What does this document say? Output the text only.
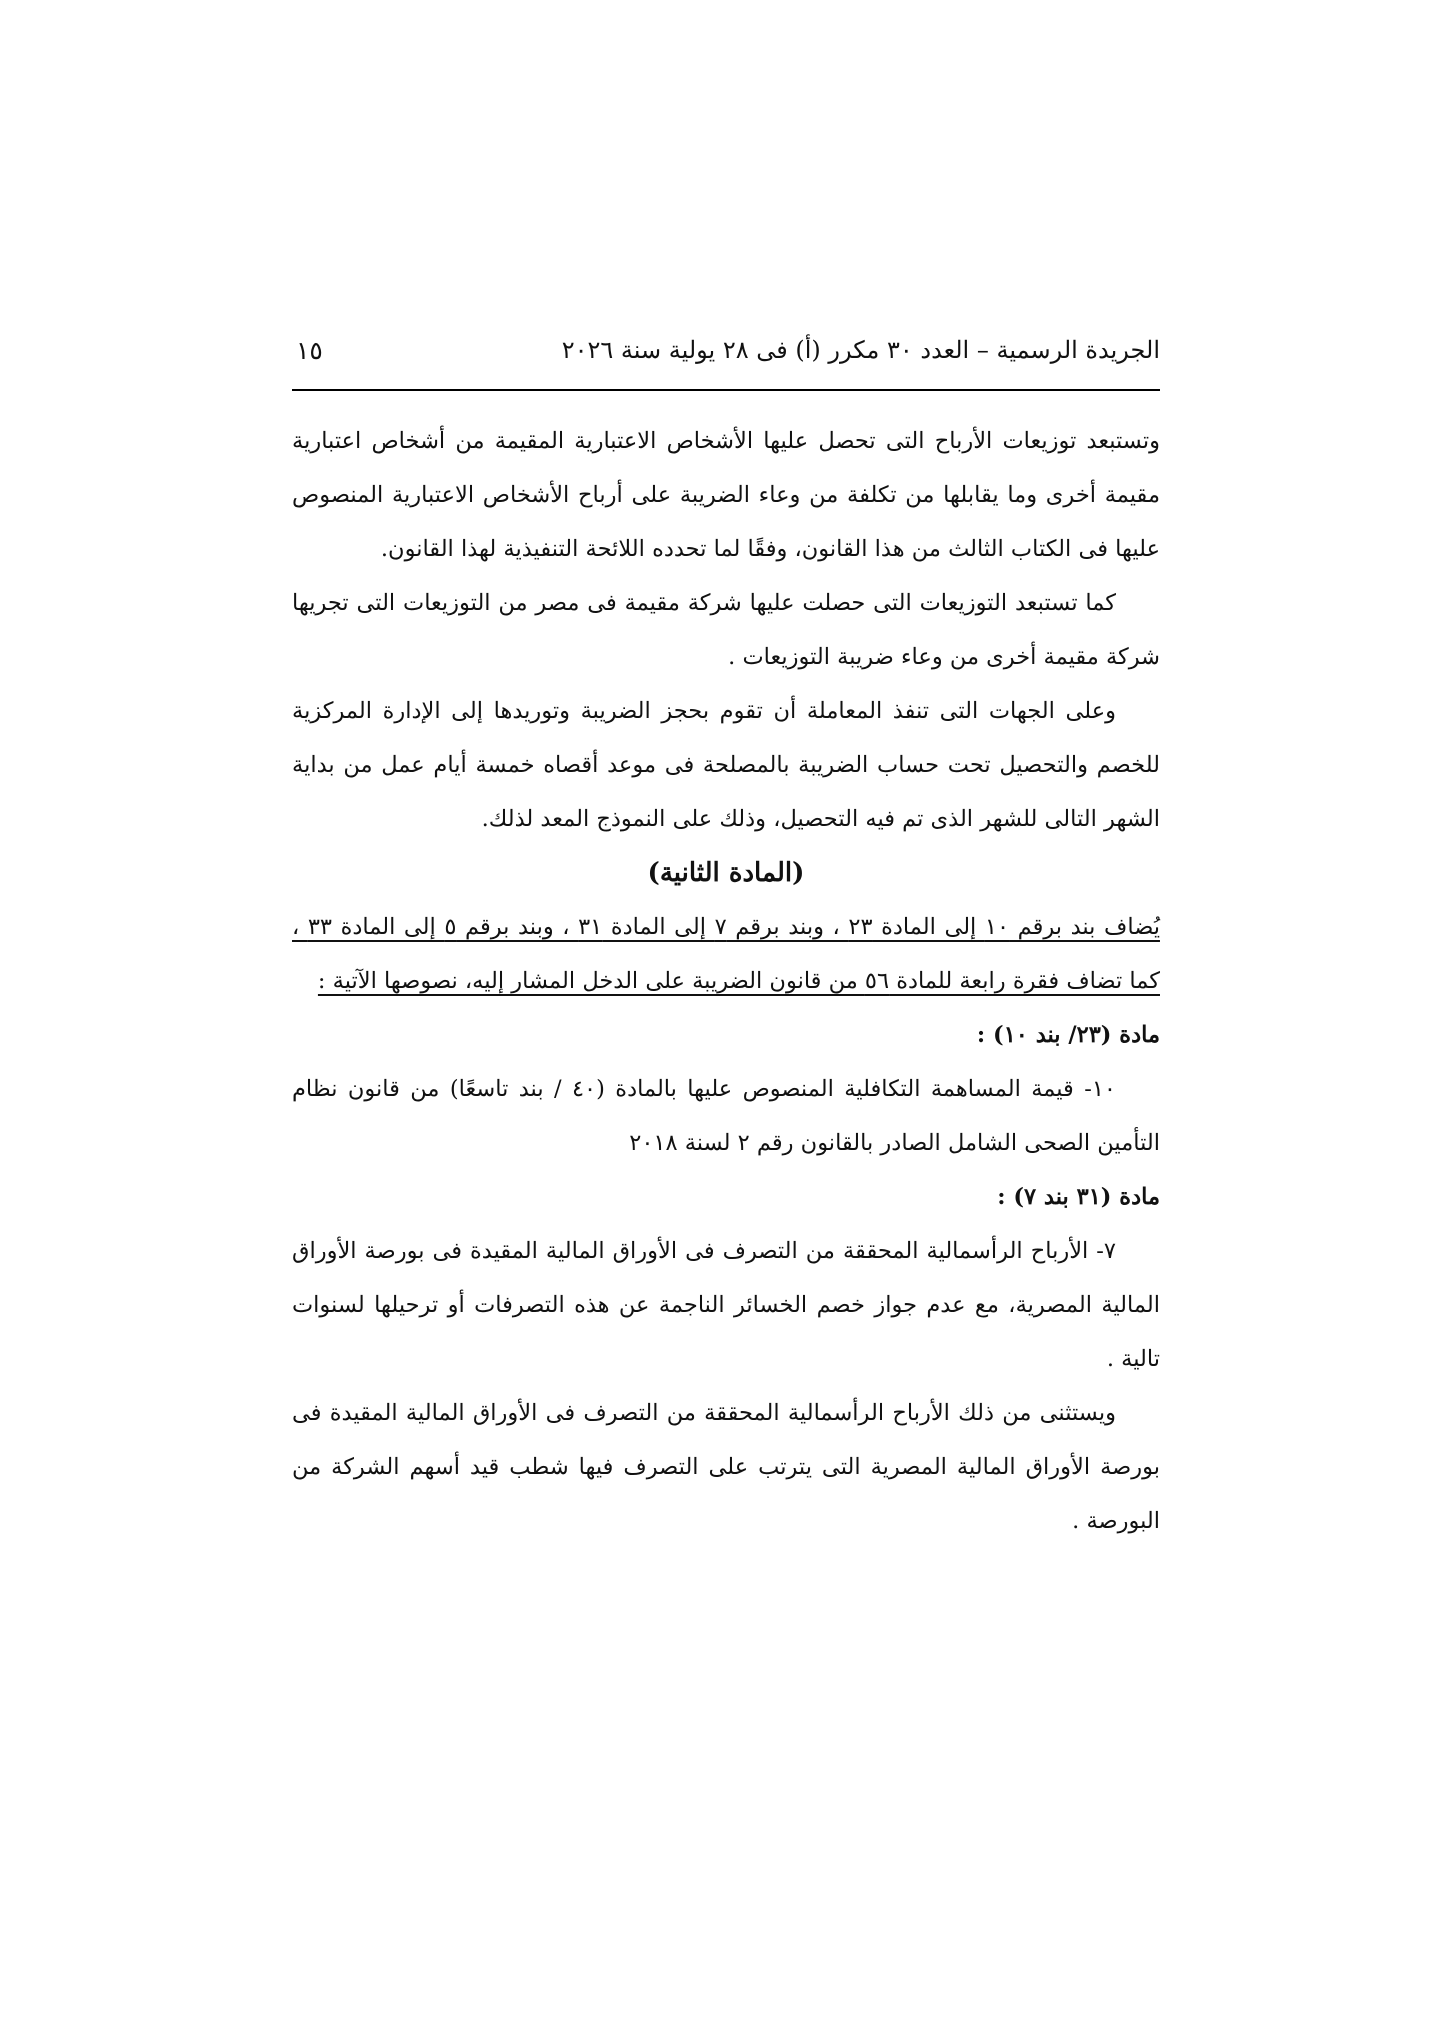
الجريدة الرسمية – العدد ٣٠ مكرر (أ) فى ٢٨ يولية سنة ٢٠٢٦
١٥

وتستبعد توزيعات الأرباح التى تحصل عليها الأشخاص الاعتبارية المقيمة من أشخاص اعتبارية مقيمة أخرى وما يقابلها من تكلفة من وعاء الضريبة على أرباح الأشخاص الاعتبارية المنصوص عليها فى الكتاب الثالث من هذا القانون، وفقًا لما تحدده اللائحة التنفيذية لهذا القانون.

كما تستبعد التوزيعات التى حصلت عليها شركة مقيمة فى مصر من التوزيعات التى تجريها شركة مقيمة أخرى من وعاء ضريبة التوزيعات .

وعلى الجهات التى تنفذ المعاملة أن تقوم بحجز الضريبة وتوريدها إلى الإدارة المركزية للخصم والتحصيل تحت حساب الضريبة بالمصلحة فى موعد أقصاه خمسة أيام عمل من بداية الشهر التالى للشهر الذى تم فيه التحصيل، وذلك على النموذج المعد لذلك.

(المادة الثانية)

يُضاف بند برقم ١٠ إلى المادة ٢٣ ، وبند برقم ٧ إلى المادة ٣١ ، وبند برقم ٥ إلى المادة ٣٣ ، كما تضاف فقرة رابعة للمادة ٥٦ من قانون الضريبة على الدخل المشار إليه، نصوصها الآتية :

مادة (٢٣/ بند ١٠) :

١٠- قيمة المساهمة التكافلية المنصوص عليها بالمادة (٤٠ / بند تاسعًا) من قانون نظام التأمين الصحى الشامل الصادر بالقانون رقم ٢ لسنة ٢٠١٨

مادة (٣١ بند ٧) :

٧- الأرباح الرأسمالية المحققة من التصرف فى الأوراق المالية المقيدة فى بورصة الأوراق المالية المصرية، مع عدم جواز خصم الخسائر الناجمة عن هذه التصرفات أو ترحيلها لسنوات تالية .

ويستثنى من ذلك الأرباح الرأسمالية المحققة من التصرف فى الأوراق المالية المقيدة فى بورصة الأوراق المالية المصرية التى يترتب على التصرف فيها شطب قيد أسهم الشركة من البورصة .
